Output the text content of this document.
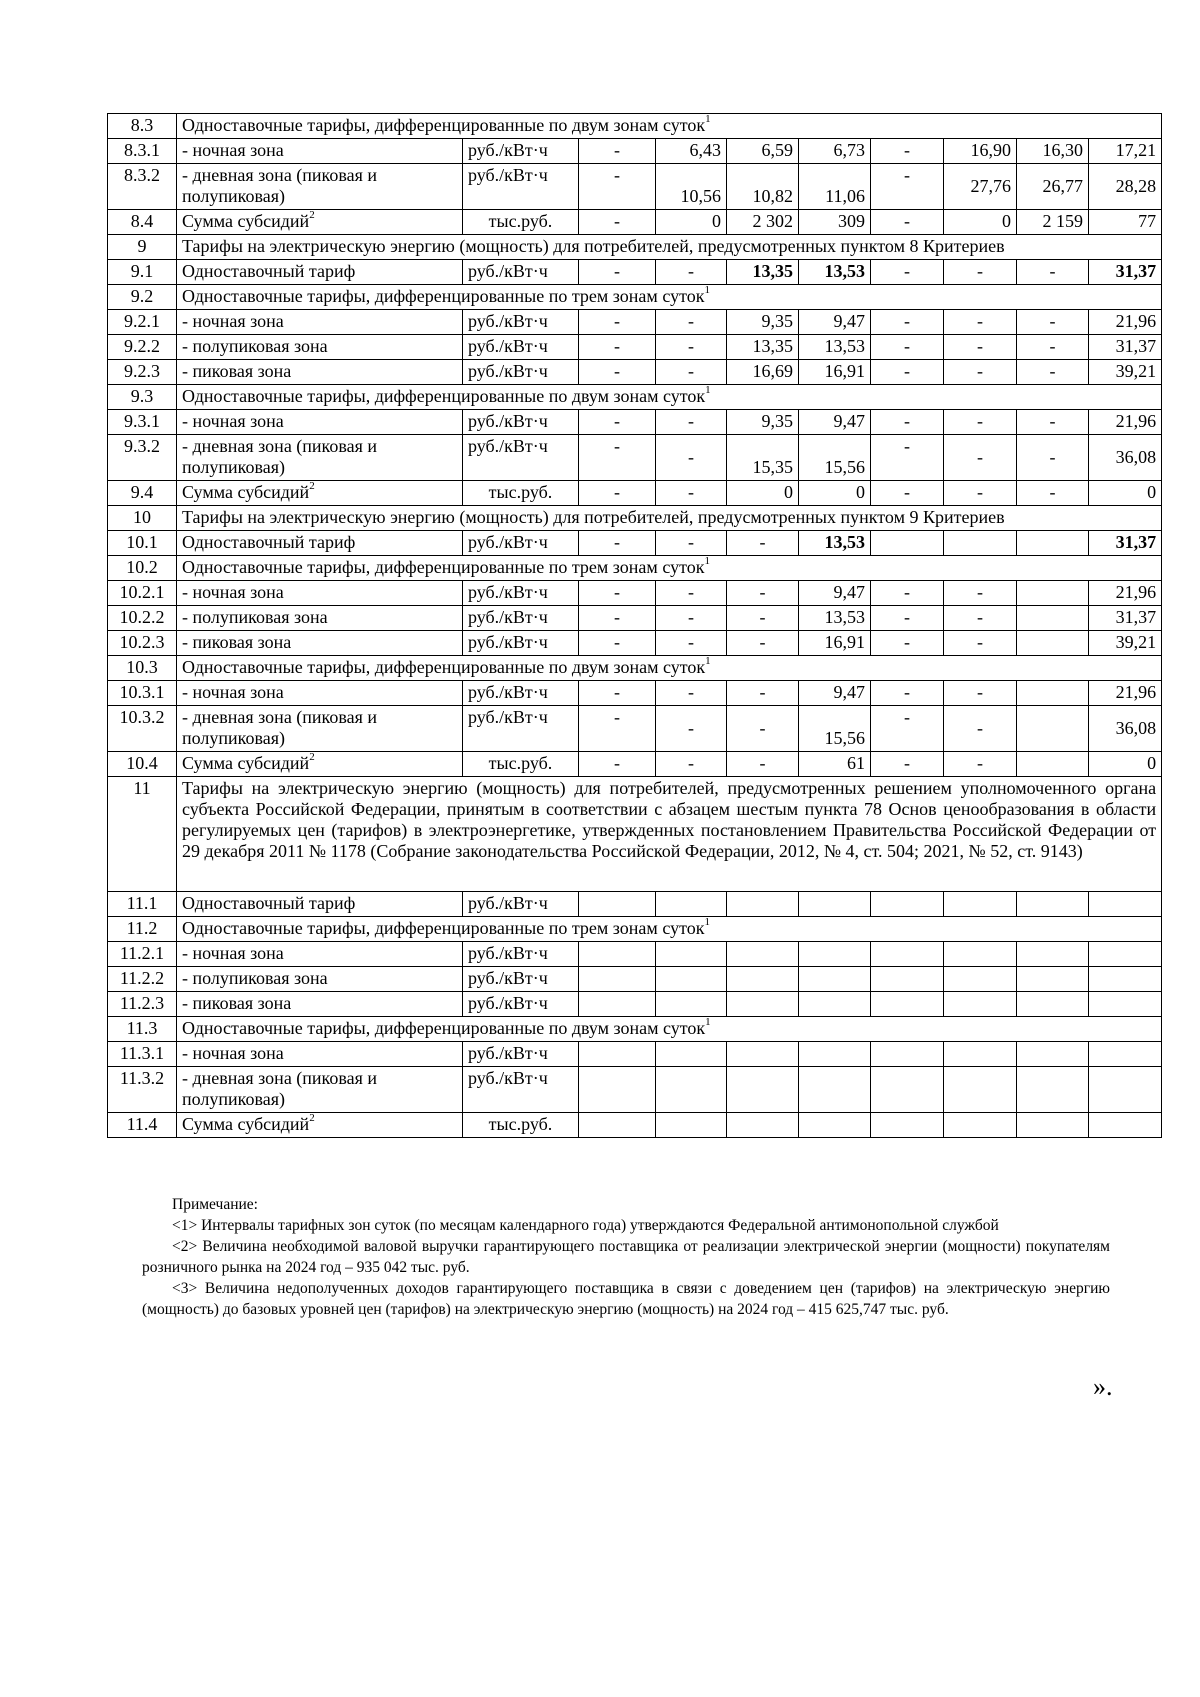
8.3	Одноставочные тарифы, дифференцированные по двум зонам суток$^1$
8.3.1	- ночная зона	руб./кВт·ч	-	6,43	6,59	6,73	-	16,90	16,30	17,21
8.3.2	- дневная зона (пиковая и полупиковая)	руб./кВт·ч	-	10,56	10,82	11,06	-	27,76	26,77	28,28
8.4	Сумма субсидий$^2$	тыс.руб.	-	0	2 302	309	-	0	2 159	77
9	Тарифы на электрическую энергию (мощность) для потребителей, предусмотренных пунктом 8 Критериев									
9.1	Одноставочный тариф	руб./кВт·ч	-	-	13,35	13,53	-	-	-	31,37
9.2	Одноставочные тарифы, дифференцированные по трем зонам суток$^1$
9.2.1	- ночная зона	руб./кВт·ч	-	-	9,35	9,47	-	-	-	21,96
9.2.2	- полупиковая зона	руб./кВт·ч	-	-	13,35	13,53	-	-	-	31,37
9.2.3	- пиковая зона	руб./кВт·ч	-	-	16,69	16,91	-	-	-	39,21
9.3	Одноставочные тарифы, дифференцированные по двум зонам суток$^1$
9.3.1	- ночная зона	руб./кВт·ч	-	-	9,35	9,47	-	-	-	21,96
9.3.2	- дневная зона (пиковая и полупиковая)	руб./кВт·ч	-	-	15,35	15,56	-	-	-	36,08
9.4	Сумма субсидий$^2$	тыс.руб.	-	-	0	0	-	-	-	0
10	Тарифы на электрическую энергию (мощность) для потребителей, предусмотренных пунктом 9 Критериев									
10.1	Одноставочный тариф	руб./кВт·ч	-	-	-	13,53				31,37
10.2	Одноставочные тарифы, дифференцированные по трем зонам суток$^1$
10.2.1	- ночная зона	руб./кВт·ч	-	-	-	9,47	-	-		21,96
10.2.2	- полупиковая зона	руб./кВт·ч	-	-	-	13,53	-	-		31,37
10.2.3	- пиковая зона	руб./кВт·ч	-	-	-	16,91	-	-		39,21
10.3	Одноставочные тарифы, дифференцированные по двум зонам суток$^1$
10.3.1	- ночная зона	руб./кВт·ч	-	-	-	9,47	-	-		21,96
10.3.2	- дневная зона (пиковая и полупиковая)	руб./кВт·ч	-	-	-	15,56	-	-		36,08
10.4	Сумма субсидий$^2$	тыс.руб.	-	-	-	61	-	-		0
11	Тарифы на электрическую энергию (мощность) для потребителей, предусмотренных решением уполномоченного органа субъекта Российской Федерации, принятым в соответствии с абзацем шестым пункта 78 Основ ценообразования в области регулируемых цен (тарифов) в электроэнергетике, утвержденных постановлением Правительства Российской Федерации от 29 декабря 2011 № 1178 (Собрание законодательства Российской Федерации, 2012, № 4, ст. 504; 2021, № 52, ст. 9143)									
11.1	Одноставочный тариф	руб./кВт·ч								
11.2	Одноставочные тарифы, дифференцированные по трем зонам суток$^1$
11.2.1	- ночная зона	руб./кВт·ч								
11.2.2	- полупиковая зона	руб./кВт·ч								
11.2.3	- пиковая зона	руб./кВт·ч								
11.3	Одноставочные тарифы, дифференцированные по двум зонам суток$^1$
11.3.1	- ночная зона	руб./кВт·ч								
11.3.2	- дневная зона (пиковая и полупиковая)	руб./кВт·ч								
11.4	Сумма субсидий$^2$	тыс.руб.								

Примечание:

<1> Интервалы тарифных зон суток (по месяцам календарного года) утверждаются Федеральной антимонопольной службой

<2> Величина необходимой валовой выручки гарантирующего поставщика от реализации электрической энергии (мощности) покупателям розничного рынка на 2024 год – 935 042 тыс. руб.

<3> Величина недополученных доходов гарантирующего поставщика в связи с доведением цен (тарифов) на электрическую энергию (мощность) до базовых уровней цен (тарифов) на электрическую энергию (мощность) на 2024 год – 415 625,747 тыс. руб.

».
